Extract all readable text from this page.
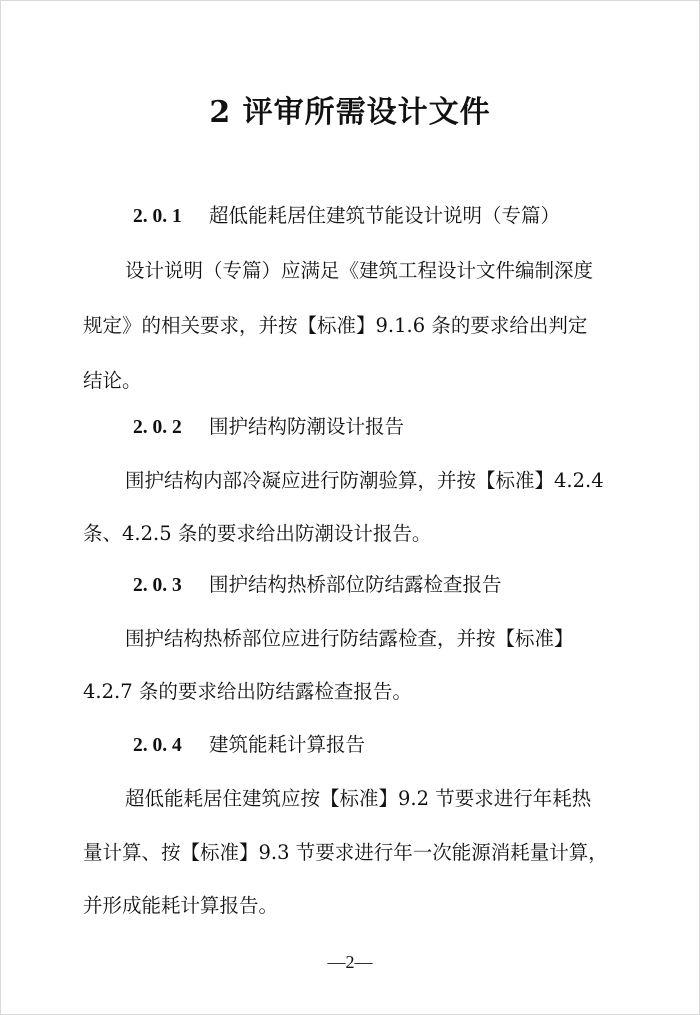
2 评审所需设计文件
2. 0. 1 超低能耗居住建筑节能设计说明（专篇）
设计说明（专篇）应满足《建筑工程设计文件编制深度
规定》的相关要求，并按【标准】9.1.6 条的要求给出判定
结论。
2. 0. 2 围护结构防潮设计报告
围护结构内部冷凝应进行防潮验算，并按【标准】4.2.4
条、4.2.5 条的要求给出防潮设计报告。
2. 0. 3 围护结构热桥部位防结露检查报告
围护结构热桥部位应进行防结露检查，并按【标准】
4.2.7 条的要求给出防结露检查报告。
2. 0. 4 建筑能耗计算报告
超低能耗居住建筑应按【标准】9.2 节要求进行年耗热
量计算、按【标准】9.3 节要求进行年一次能源消耗量计算，
并形成能耗计算报告。
—2—
